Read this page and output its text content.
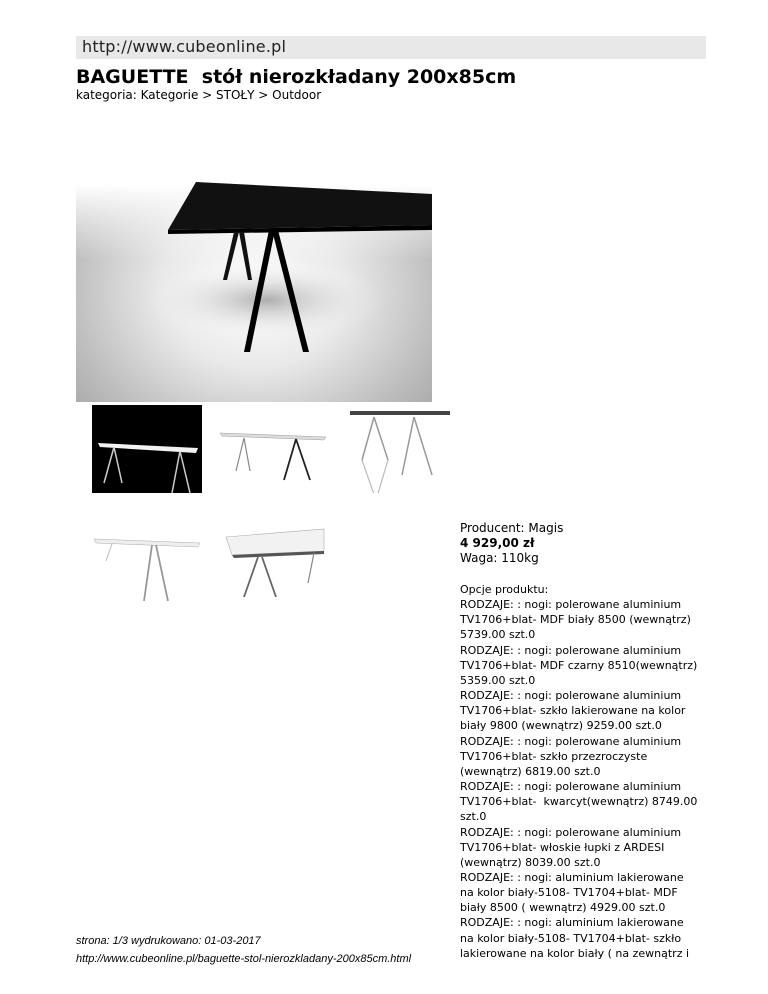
http://www.cubeonline.pl
BAGUETTE  stół nierozkładany 200x85cm
kategoria: Kategorie > STOŁY > Outdoor
Producent: Magis
4 929,00 zł
Waga: 110kg
Opcje produktu:
RODZAJE: : nogi: polerowane aluminium
TV1706+blat- MDF biały 8500 (wewnątrz)
5739.00 szt.0
RODZAJE: : nogi: polerowane aluminium
TV1706+blat- MDF czarny 8510(wewnątrz)
5359.00 szt.0
RODZAJE: : nogi: polerowane aluminium
TV1706+blat- szkło lakierowane na kolor
biały 9800 (wewnątrz) 9259.00 szt.0
RODZAJE: : nogi: polerowane aluminium
TV1706+blat- szkło przezroczyste
(wewnątrz) 6819.00 szt.0
RODZAJE: : nogi: polerowane aluminium
TV1706+blat-  kwarcyt(wewnątrz) 8749.00
szt.0
RODZAJE: : nogi: polerowane aluminium
TV1706+blat- włoskie łupki z ARDESI
(wewnątrz) 8039.00 szt.0
RODZAJE: : nogi: aluminium lakierowane
na kolor biały-5108- TV1704+blat- MDF
biały 8500 ( wewnątrz) 4929.00 szt.0
RODZAJE: : nogi: aluminium lakierowane
na kolor biały-5108- TV1704+blat- szkło
lakierowane na kolor biały ( na zewnątrz i
strona: 1/3 wydrukowano: 01-03-2017
http://www.cubeonline.pl/baguette-stol-nierozkladany-200x85cm.html
